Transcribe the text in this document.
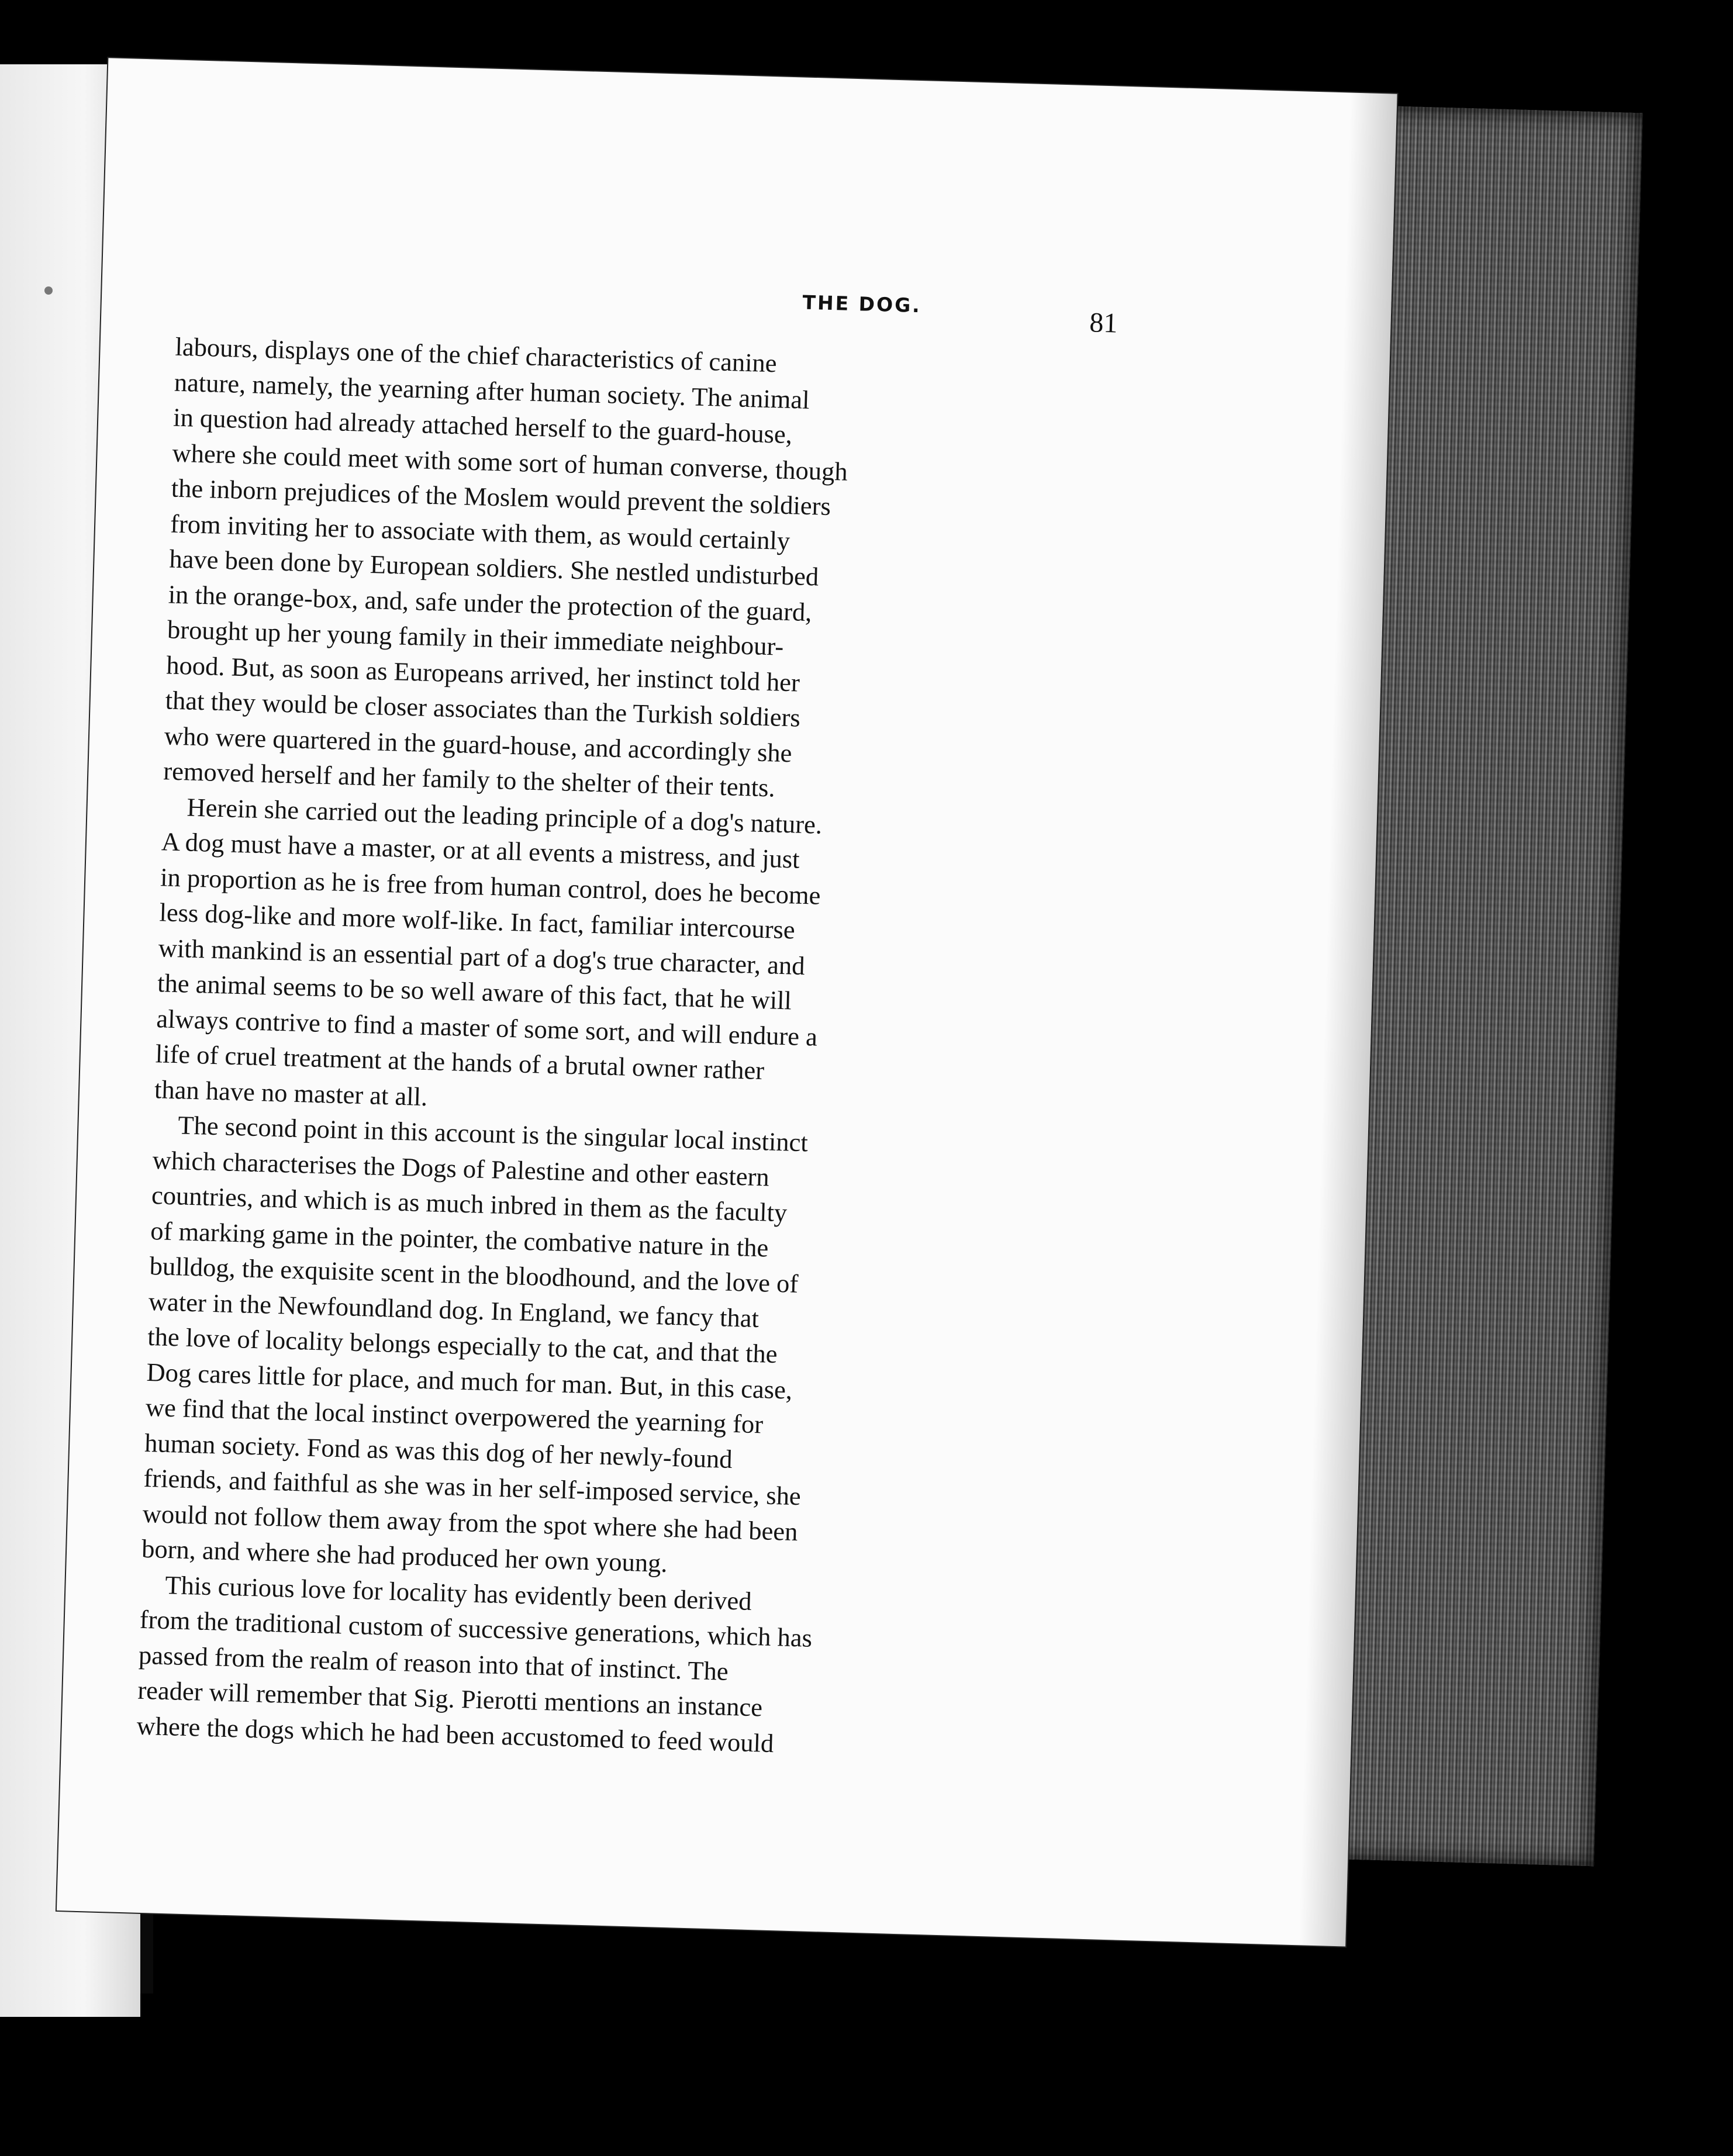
THE DOG.
81
labours, displays one of the chief characteristics of canine
nature, namely, the yearning after human society. The animal
in question had already attached herself to the guard-house,
where she could meet with some sort of human converse, though
the inborn prejudices of the Moslem would prevent the soldiers
from inviting her to associate with them, as would certainly
have been done by European soldiers. She nestled undisturbed
in the orange-box, and, safe under the protection of the guard,
brought up her young family in their immediate neighbour-
hood. But, as soon as Europeans arrived, her instinct told her
that they would be closer associates than the Turkish soldiers
who were quartered in the guard-house, and accordingly she
removed herself and her family to the shelter of their tents.
Herein she carried out the leading principle of a dog's nature.
A dog must have a master, or at all events a mistress, and just
in proportion as he is free from human control, does he become
less dog-like and more wolf-like. In fact, familiar intercourse
with mankind is an essential part of a dog's true character, and
the animal seems to be so well aware of this fact, that he will
always contrive to find a master of some sort, and will endure a
life of cruel treatment at the hands of a brutal owner rather
than have no master at all.
The second point in this account is the singular local instinct
which characterises the Dogs of Palestine and other eastern
countries, and which is as much inbred in them as the faculty
of marking game in the pointer, the combative nature in the
bulldog, the exquisite scent in the bloodhound, and the love of
water in the Newfoundland dog. In England, we fancy that
the love of locality belongs especially to the cat, and that the
Dog cares little for place, and much for man. But, in this case,
we find that the local instinct overpowered the yearning for
human society. Fond as was this dog of her newly-found
friends, and faithful as she was in her self-imposed service, she
would not follow them away from the spot where she had been
born, and where she had produced her own young.
This curious love for locality has evidently been derived
from the traditional custom of successive generations, which has
passed from the realm of reason into that of instinct. The
reader will remember that Sig. Pierotti mentions an instance
where the dogs which he had been accustomed to feed would
